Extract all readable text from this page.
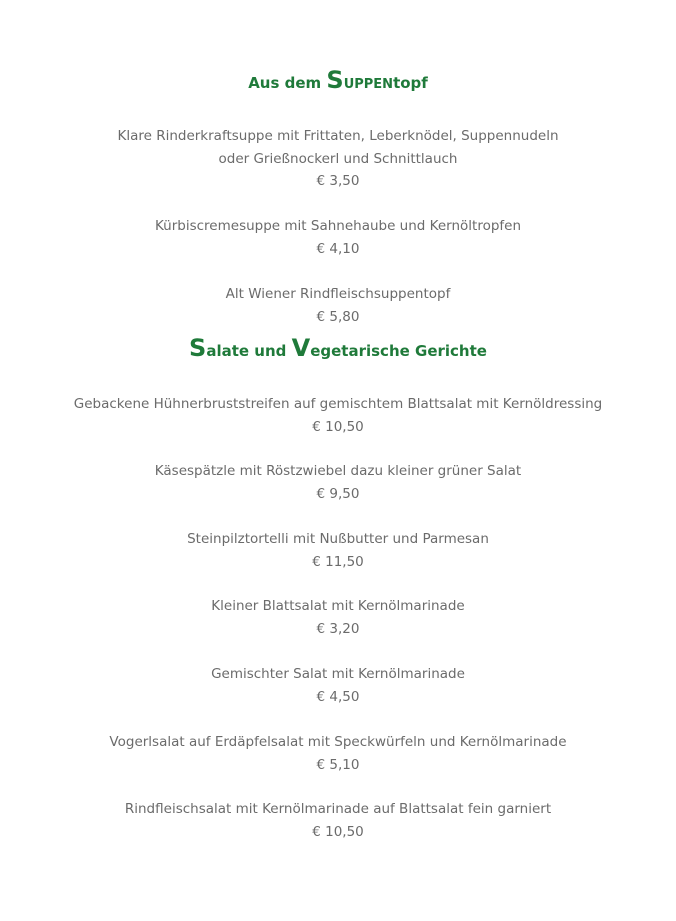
Aus dem SUPPENtopf
Klare Rinderkraftsuppe mit Frittaten, Leberknödel, Suppennudeln
oder Grießnockerl und Schnittlauch
€ 3,50
Kürbiscremesuppe mit Sahnehaube und Kernöltropfen
€ 4,10
Alt Wiener Rindfleischsuppentopf
€ 5,80
Salate und Vegetarische Gerichte
Gebackene Hühnerbruststreifen auf gemischtem Blattsalat mit Kernöldressing
€ 10,50
Käsespätzle mit Röstzwiebel dazu kleiner grüner Salat
€ 9,50
Steinpilztortelli mit Nußbutter und Parmesan
€ 11,50
Kleiner Blattsalat mit Kernölmarinade
€ 3,20
Gemischter Salat mit Kernölmarinade
€ 4,50
Vogerlsalat auf Erdäpfelsalat mit Speckwürfeln und Kernölmarinade
€ 5,10
Rindfleischsalat mit Kernölmarinade auf Blattsalat fein garniert
€ 10,50
